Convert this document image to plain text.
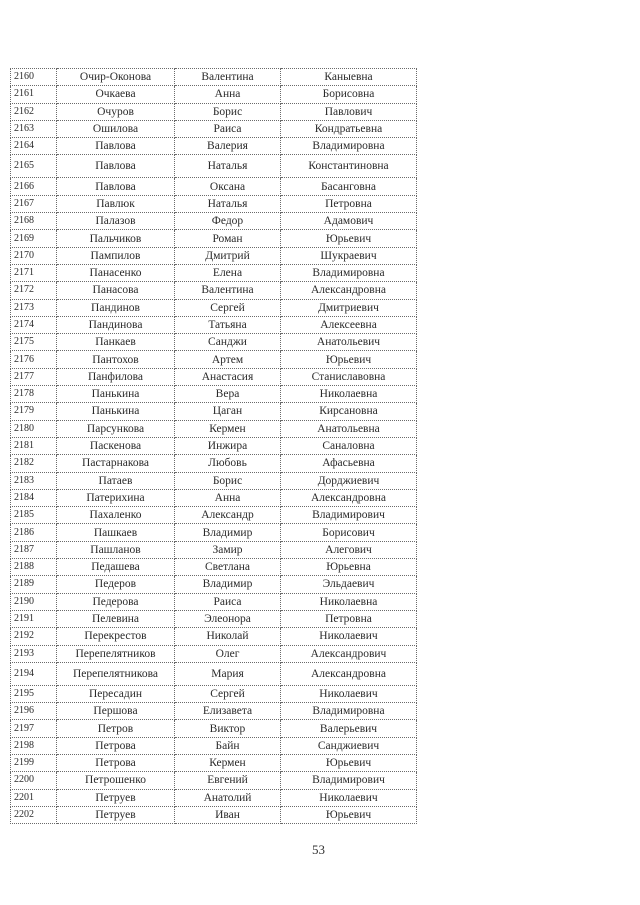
2160	Очир-Оконова	Валентина	Каныевна
2161	Очкаева	Анна	Борисовна
2162	Очуров	Борис	Павлович
2163	Ошилова	Раиса	Кондратьевна
2164	Павлова	Валерия	Владимировна
2165	Павлова	Наталья	Константиновна
2166	Павлова	Оксана	Басанговна
2167	Павлюк	Наталья	Петровна
2168	Палазов	Федор	Адамович
2169	Пальчиков	Роман	Юрьевич
2170	Пампилов	Дмитрий	Шукраевич
2171	Панасенко	Елена	Владимировна
2172	Панасова	Валентина	Александровна
2173	Пандинов	Сергей	Дмитриевич
2174	Пандинова	Татьяна	Алексеевна
2175	Панкаев	Санджи	Анатольевич
2176	Пантохов	Артем	Юрьевич
2177	Панфилова	Анастасия	Станиславовна
2178	Панькина	Вера	Николаевна
2179	Панькина	Цаган	Кирсановна
2180	Парсункова	Кермен	Анатольевна
2181	Паскенова	Инжира	Саналовна
2182	Пастарнакова	Любовь	Афасьевна
2183	Патаев	Борис	Дорджиевич
2184	Патерихина	Анна	Александровна
2185	Пахаленко	Александр	Владимирович
2186	Пашкаев	Владимир	Борисович
2187	Пашланов	Замир	Алегович
2188	Педашева	Светлана	Юрьевна
2189	Педеров	Владимир	Эльдаевич
2190	Педерова	Раиса	Николаевна
2191	Пелевина	Элеонора	Петровна
2192	Перекрестов	Николай	Николаевич
2193	Перепелятников	Олег	Александрович
2194	Перепелятникова	Мария	Александровна
2195	Пересадин	Сергей	Николаевич
2196	Першова	Елизавета	Владимировна
2197	Петров	Виктор	Валерьевич
2198	Петрова	Байн	Санджиевич
2199	Петрова	Кермен	Юрьевич
2200	Петрошенко	Евгений	Владимирович
2201	Петруев	Анатолий	Николаевич
2202	Петруев	Иван	Юрьевич
53
